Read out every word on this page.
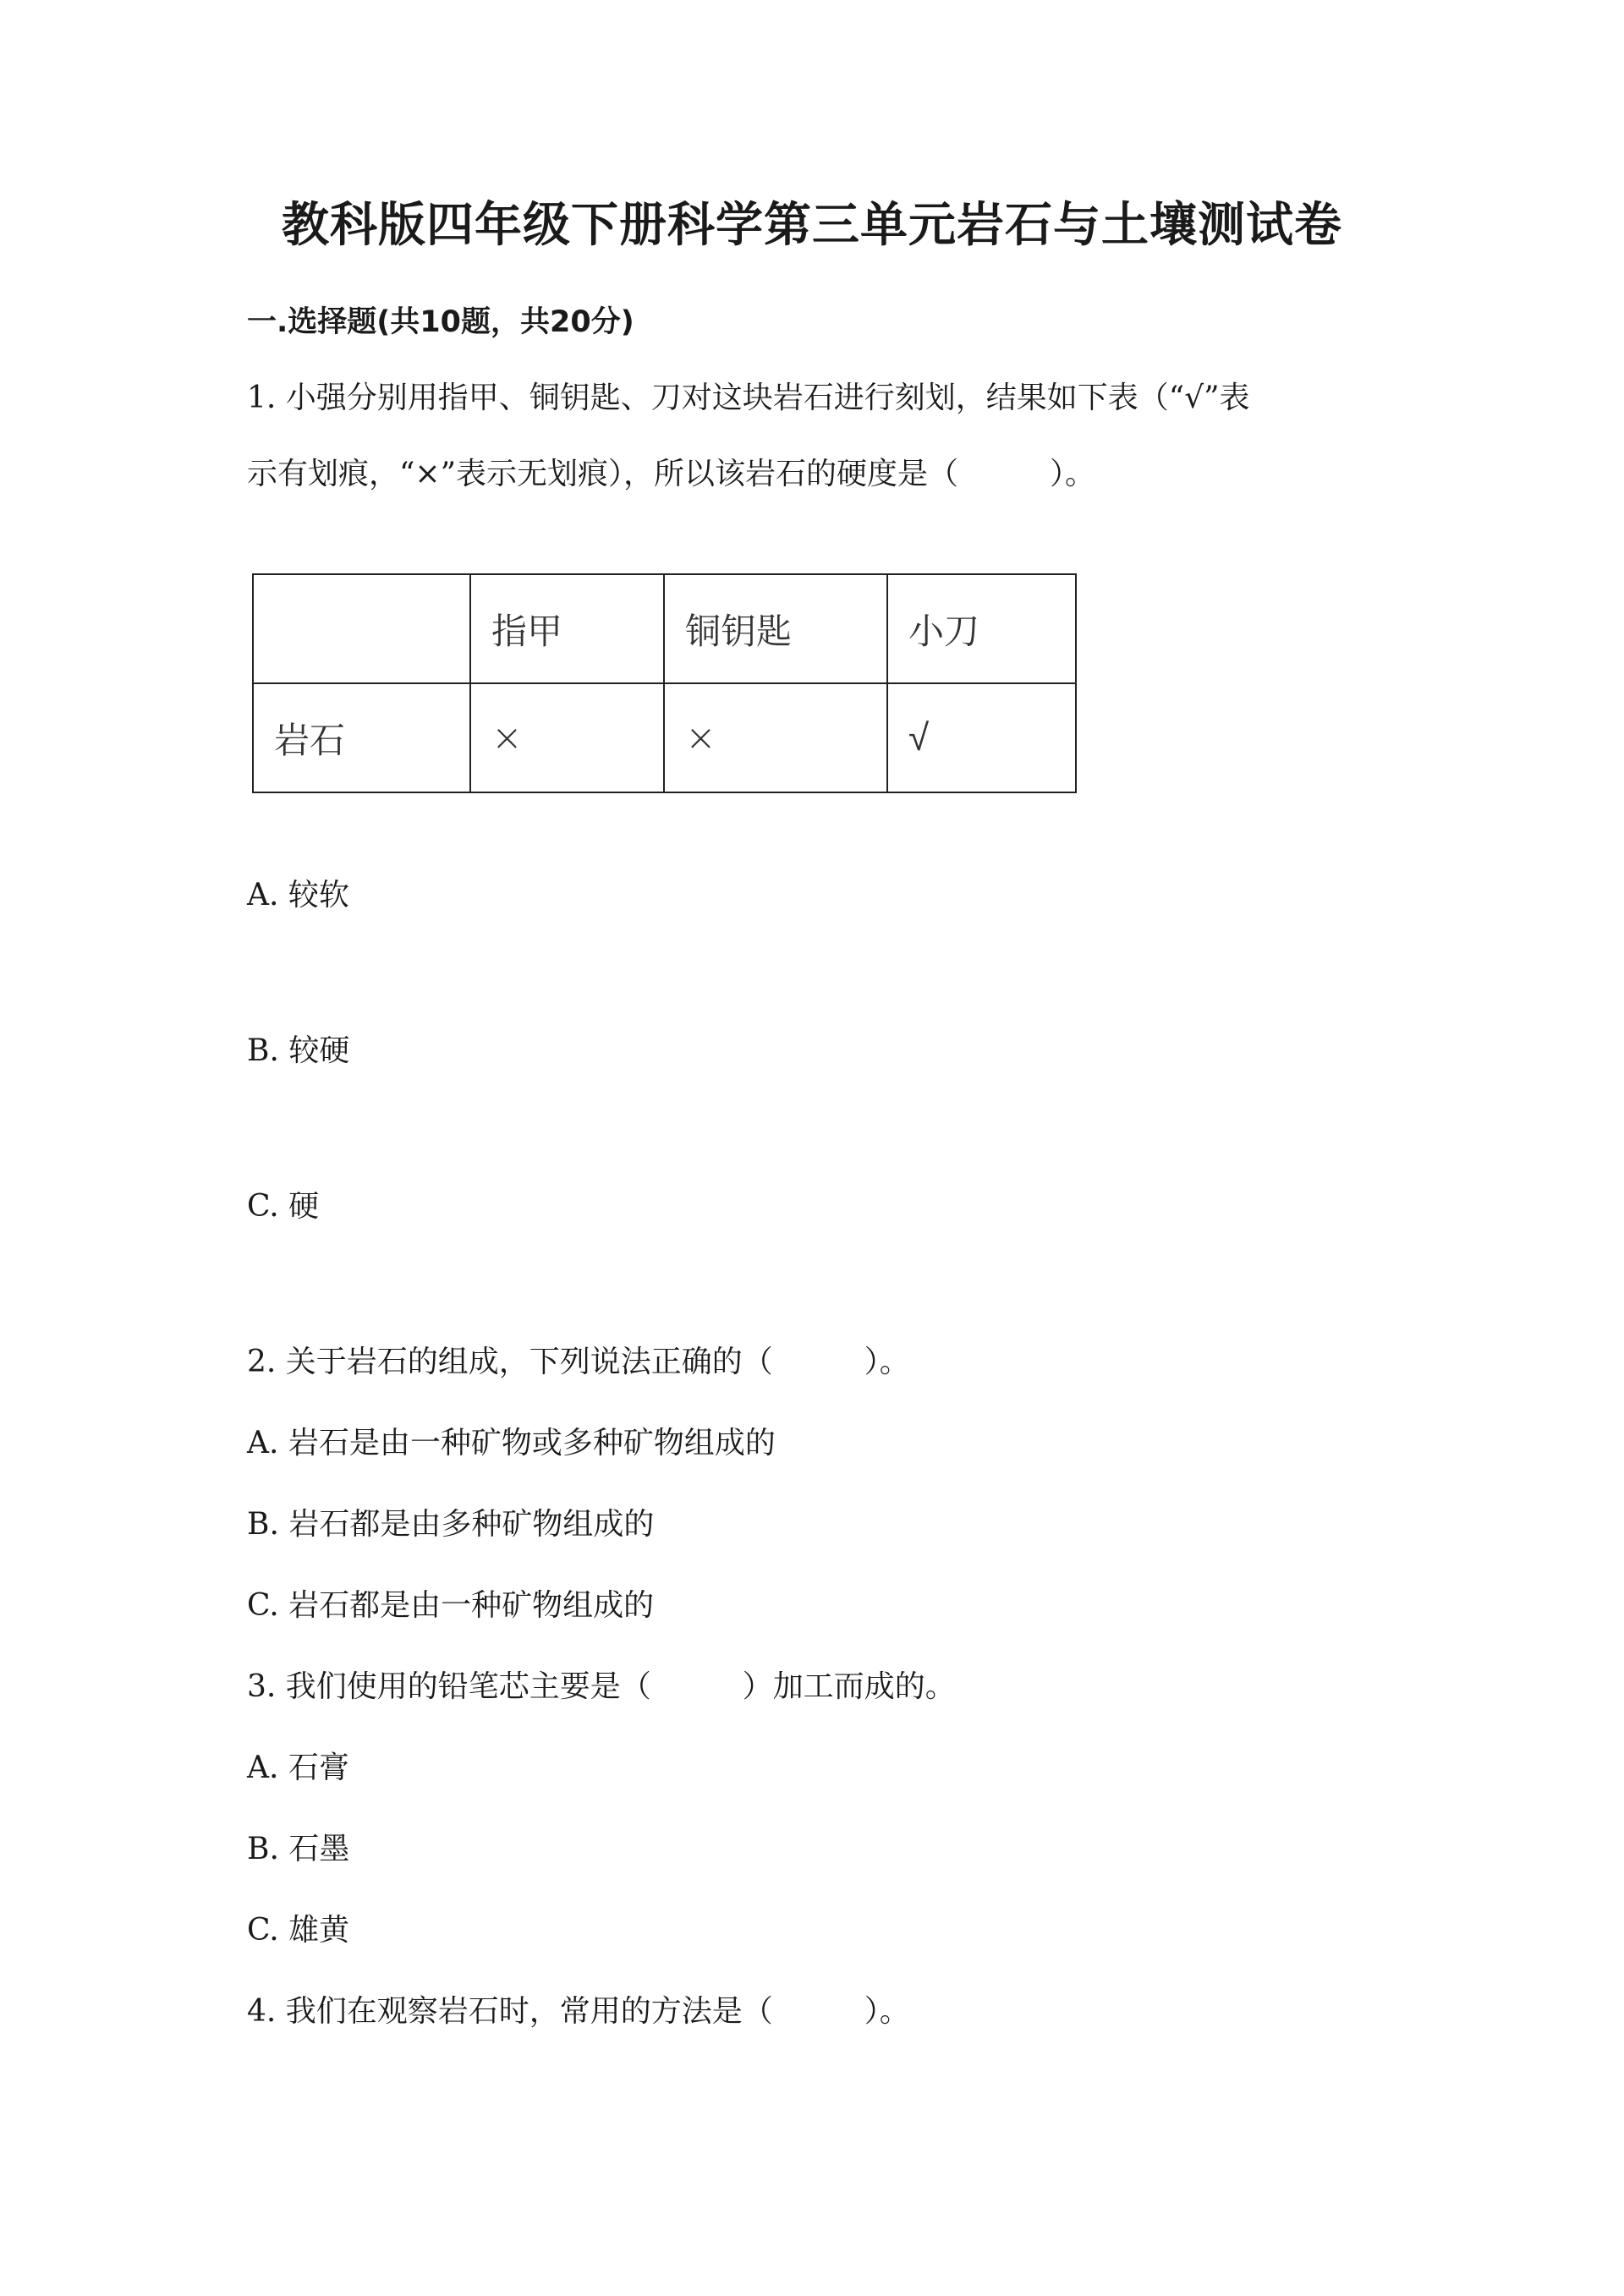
教科版四年级下册科学第三单元岩石与土壤测试卷
一.选择题(共10题，共20分)
1. 小强分别用指甲、铜钥匙、刀对这块岩石进行刻划，结果如下表（“√”表
示有划痕，“×”表示无划痕），所以该岩石的硬度是（　　　）。
	指甲	铜钥匙	小刀
岩石	×	×	√
A. 较软
B. 较硬
C. 硬
2. 关于岩石的组成，下列说法正确的（　　　）。
A. 岩石是由一种矿物或多种矿物组成的
B. 岩石都是由多种矿物组成的
C. 岩石都是由一种矿物组成的
3. 我们使用的铅笔芯主要是（　　　）加工而成的。
A. 石膏
B. 石墨
C. 雄黄
4. 我们在观察岩石时，常用的方法是（　　　）。
